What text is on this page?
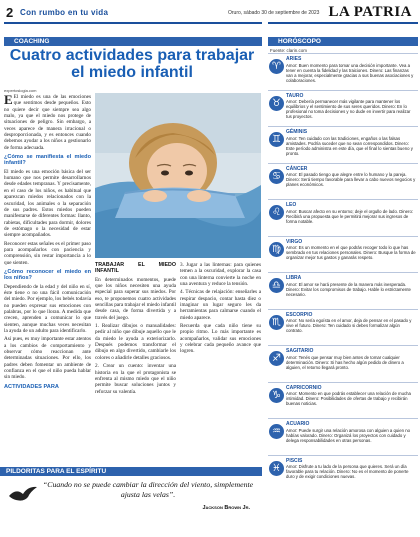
2 Con rumbo en tu vida	Oruro, sábado 30 de septiembre de 2023 LA PATRIA
COACHING
Cuatro actividades para trabajar el miedo infantil
expertoslogia.com

E El miedo es una de las emociones que sentimos desde pequeños. Esto no quiere decir que siempre sea algo malo, ya que el miedo nos protege de situaciones de peligro. Sin embargo, a veces aparece de manera irracional o desproporcionada, y es entonces cuando debemos ayudar a los niños a gestionarlo de forma adecuada.

¿Cómo se manifiesta el miedo infantil?

El miedo es una emoción básica del ser humano que nos permite desarrollarnos desde edades tempranas. Y precisamente, en el caso de los niños, es habitual que aparezcan miedos relacionados con la oscuridad, los animales o la separación de sus padres. Estos miedos pueden manifestarse de diferentes formas: llanto, rabietas, dificultades para dormir, dolores de estómago o la necesidad de estar siempre acompañados.

Reconocer estas señales es el primer paso para acompañarlos con paciencia y comprensión, sin restar importancia a lo que sienten.

¿Cómo reconocer el miedo en los niños?

Dependiendo de la edad y del niño en sí, éste tiene o no una fácil comunicación del miedo. Por ejemplo, los bebés todavía no pueden expresar sus emociones con palabras, por lo que lloran. A medida que crecen, aprenden a comunicar lo que sienten, aunque muchas veces necesitan la ayuda de un adulto para identificarlo.

Así pues, es muy importante estar atentos a los cambios de comportamiento y observar cómo reaccionan ante determinadas situaciones. Por ello, los padres deben fomentar un ambiente de confianza en el que el niño pueda hablar sin miedo.

ACTIVIDADES PARA

TRABAJAR EL MIEDO INFANTIL

En determinados momentos, puede que los niños necesiten una ayuda especial para superar sus miedos. Por eso, te proponemos cuatro actividades sencillas para trabajar el miedo infantil desde casa, de forma divertida y a través del juego.

1. Realizar dibujos o manualidades: pedir al niño que dibuje aquello que le da miedo le ayuda a exteriorizarlo. Después podemos transformar el dibujo en algo divertido, cambiarle los colores o añadirle detalles graciosos.

2. Crear un cuento: inventar una historia en la que el protagonista se enfrenta al mismo miedo que el niño permite buscar soluciones juntos y reforzar su valentía.

3. Jugar a las linternas: para quienes temen a la oscuridad, explorar la casa con una linterna convierte la noche en una aventura y reduce la tensión.

4. Técnicas de relajación: enseñarles a respirar despacio, contar hasta diez o imaginar un lugar seguro les da herramientas para calmarse cuando el miedo aparece.

Recuerda que cada niño tiene su propio ritmo. Lo más importante es acompañarlos, validar sus emociones y celebrar cada pequeño avance que logren.

PILDORITAS PARA EL ESPÍRITU
“Cuando no se puede cambiar la dirección del viento, simplemente ajusta las velas”.
Jackson Brown Jr.
HORÓSCOPO
Fuente: clarin.com
♈
ARIES
Amor: Buen momento para tomar una decisión importante. Vea a tener en cuenta la fidelidad y las traiciones. Dinero: Las finanzas van a mejorar, especialmente gracias a sus buenas asociaciones y colaboraciones.
♉
TAURO
Amor: Debería permanecer más vigilante para mantener los equilibrios y el sentimiento de sus seres queridos. Dinero: En lo profesional no toma decisiones y no dude en invertir para realizar tus proyectos.
♊
GÉMINIS
Amor: Ten cuidado con las tradiciones, engaños o las falsas amistades. Podría suceder que no sean correspondidos. Dinero: Este período administra en este día, que el final lo sientas bueno y pronto.
♋
CÁNCER
Amor: El pasado tiengo que alegre entre lo humano y la pareja. Dinero: Será tiempo favorable para llevar a cabo nuevos negocios y planes económicos.
♌
LEO
Amor: Buscar afecto en su entorno; deje el orgullo de lado. Dinero: Recibirá una propuesta que le permitirá mejorar sus ingresos de forma notable.
♍
VIRGO
Amor: Es un momento en el que podrás recoger todo lo que has sembrado en tus relaciones personales. Dinero: Busque la forma de organizar mejor tus gastos y ganarás respeto.
♎
LIBRA
Amor: El amor se hará presente de la manera más inesperada. Dinero: Evitar los compromisos de trabajo. Hable lo estrictamente necesario.
♏
ESCORPIO
Amor: No sería egoísta en el amor, deja de pensar en el pasado y vive el futuro. Dinero: Ten cuidado si debes formalizar algún contrato.
♐
SAGITARIO
Amor: Tenés que pensar muy bien antes de tomar cualquier determinación. Dinero: Si has hecho algún pedido de dinero a alguien, el retorno llegará pronto.
♑
CAPRICORNIO
Amor: Momento en que podrás establecer una relación de mucha intimidad. Dinero: Posibilidades de ofertas de trabajo y recibirán buenas noticias.
♒
ACUARIO
Amor: Puede surgir una relación amorosa con alguien a quien no habías valorado. Dinero: Organizá los proyectos con cuidado y delega responsabilidades en otras personas.
♓
PISCIS
Amor: Disfrute a tu lado de la persona que quieres. Será un día favorable para tu relación. Dinero: No es el momento de ponerte duro y de exigir condiciones nuevas.
